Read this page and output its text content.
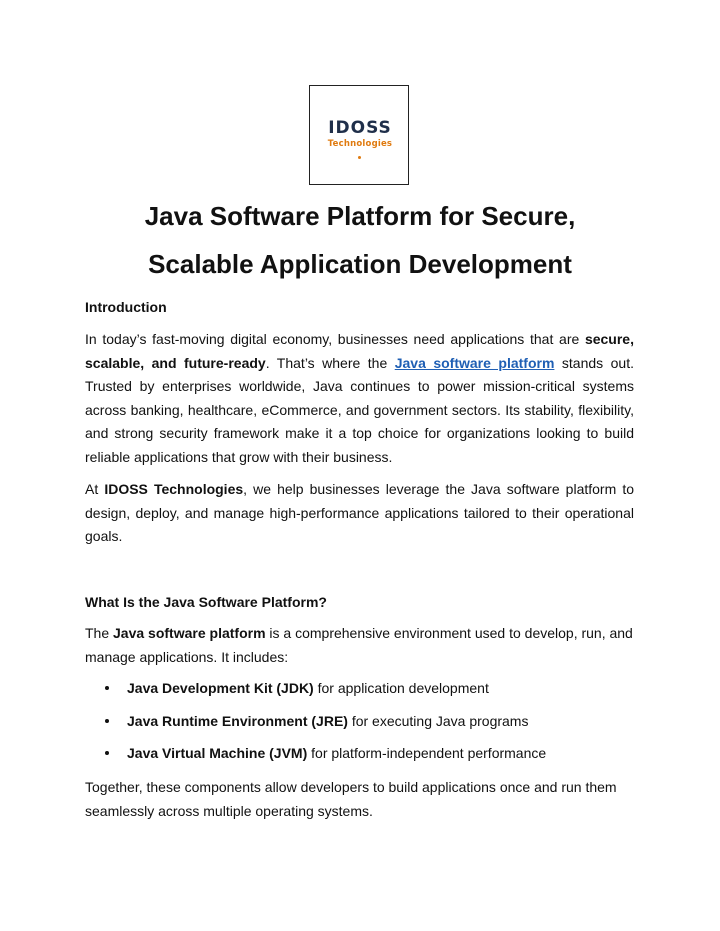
IDOSS
Technologies
Java Software Platform for Secure,
Scalable Application Development
Introduction

In today’s fast-moving digital economy, businesses need applications that are secure, scalable, and future-ready. That’s where the Java software platform stands out. Trusted by enterprises worldwide, Java continues to power mission-critical systems across banking, healthcare, eCommerce, and government sectors. Its stability, flexibility, and strong security framework make it a top choice for organizations looking to build reliable applications that grow with their business.

At IDOSS Technologies, we help businesses leverage the Java software platform to design, deploy, and manage high-performance applications tailored to their operational goals.

What Is the Java Software Platform?

The Java software platform is a comprehensive environment used to develop, run, and manage applications. It includes:

Java Development Kit (JDK) for application development
Java Runtime Environment (JRE) for executing Java programs
Java Virtual Machine (JVM) for platform-independent performance

Together, these components allow developers to build applications once and run them seamlessly across multiple operating systems.
